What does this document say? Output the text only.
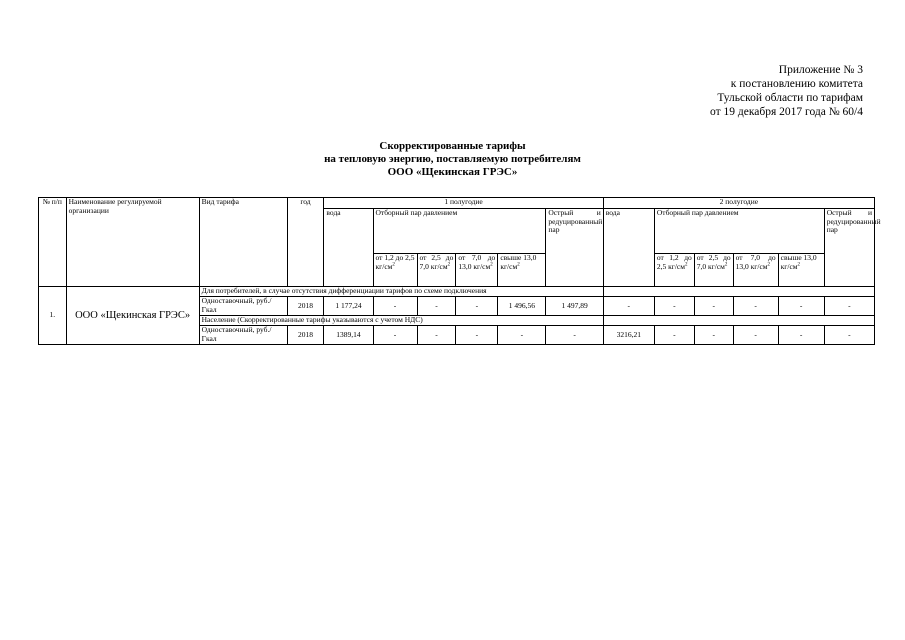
Приложение № 3
к постановлению комитета
Тульской области по тарифам
от 19 декабря 2017 года № 60/4
Скорректированные тарифы
на тепловую энергию, поставляемую потребителям
ООО «Щекинская ГРЭС»
№ п/п	Наименование регулируемой организации	Вид тарифа	год	1 полугодие						2 полугодие					
				вода	Отборный пар давлением				Острый и редуцированный пар	вода	Отборный пар давлением				Острый и редуцированный пар
					от 1,2 до 2,5 $кг/см^2$	от 2,5 до 7,0 $кг/см^2$	от 7,0 до 13,0 $кг/см^2$	свыше 13,0 $кг/см^2$			от 1,2 до 2,5 $кг/см^2$	от 2,5 до 7,0 $кг/см^2$	от 7,0 до 13,0 $кг/см^2$	свыше 13,0 $кг/см^2$
1.	ООО «Щекинская ГРЭС»	Для потребителей, в случае отсутствия дифференциации тарифов по схеме подключения													
		Одноставочный, руб./Гкал	2018	1 177,24	-	-	-	1 496,56	1 497,89	-	-	-	-	-	-
		Население (Скорректированные тарифы указываются с учетом НДС)													
		Одноставочный, руб./Гкал	2018	1389,14	-	-	-	-	-	3216,21	-	-	-	-	-
